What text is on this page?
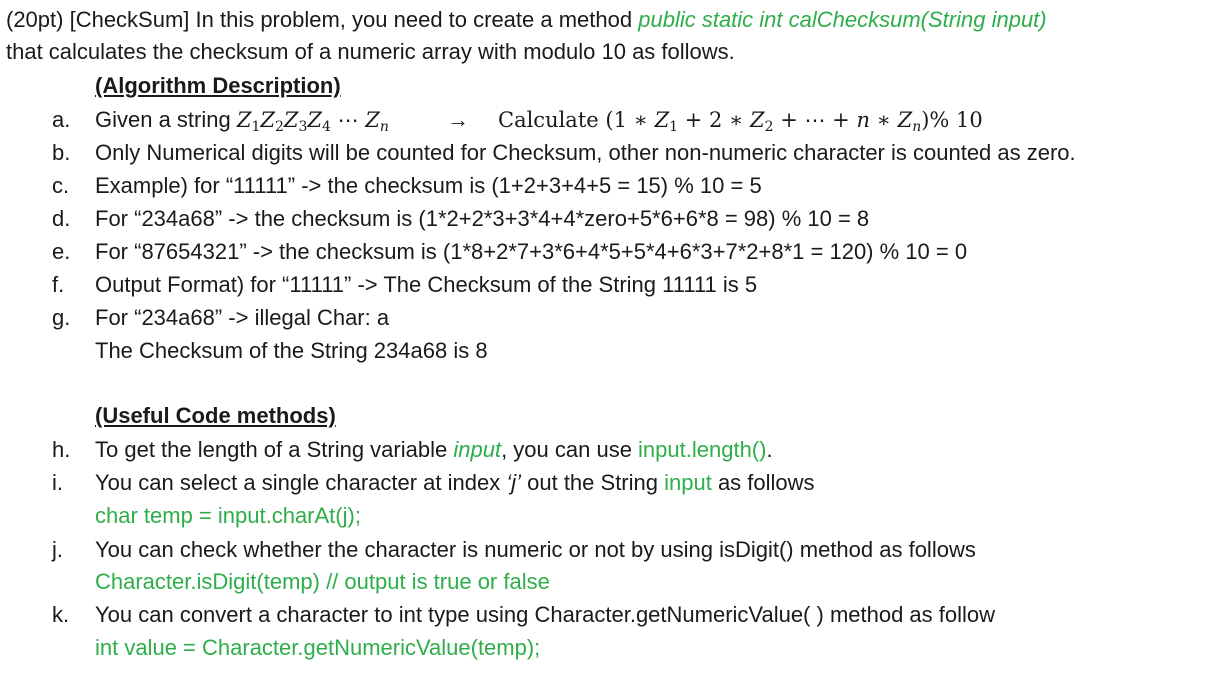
(20pt) [CheckSum] In this problem, you need to create a method public static int calChecksum(String input)
that calculates the checksum of a numeric array with modulo 10 as follows.
(Algorithm Description)
a. Given a string $Z_1Z_2Z_3Z_4$ ⋯ $Z_n$	→ Calculate (1 ∗ $Z_1 + 2$ ∗ $Z_2$ + ⋯ + n ∗ $Z_n)\%$ 10
b. Only Numerical digits will be counted for Checksum, other non-numeric character is counted as zero.
c. Example) for “11111” -> the checksum is (1+2+3+4+5 = 15) % 10 = 5
d. For “234a68” -> the checksum is (1*2+2*3+3*4+4*zero+5*6+6*8 = 98) % 10 = 8
e. For “87654321” -> the checksum is (1*8+2*7+3*6+4*5+5*4+6*3+7*2+8*1 = 120) % 10 = 0
f. Output Format) for “11111” -> The Checksum of the String 11111 is 5
g. For “234a68” -> illegal Char: a
The Checksum of the String 234a68 is 8
(Useful Code methods)
h. To get the length of a String variable input, you can use input.length().
i. You can select a single character at index ‘j’ out the String input as follows
char temp = input.charAt(j);
j. You can check whether the character is numeric or not by using isDigit() method as follows
Character.isDigit(temp) // output is true or false
k. You can convert a character to int type using Character.getNumericValue( ) method as follow
int value = Character.getNumericValue(temp);
